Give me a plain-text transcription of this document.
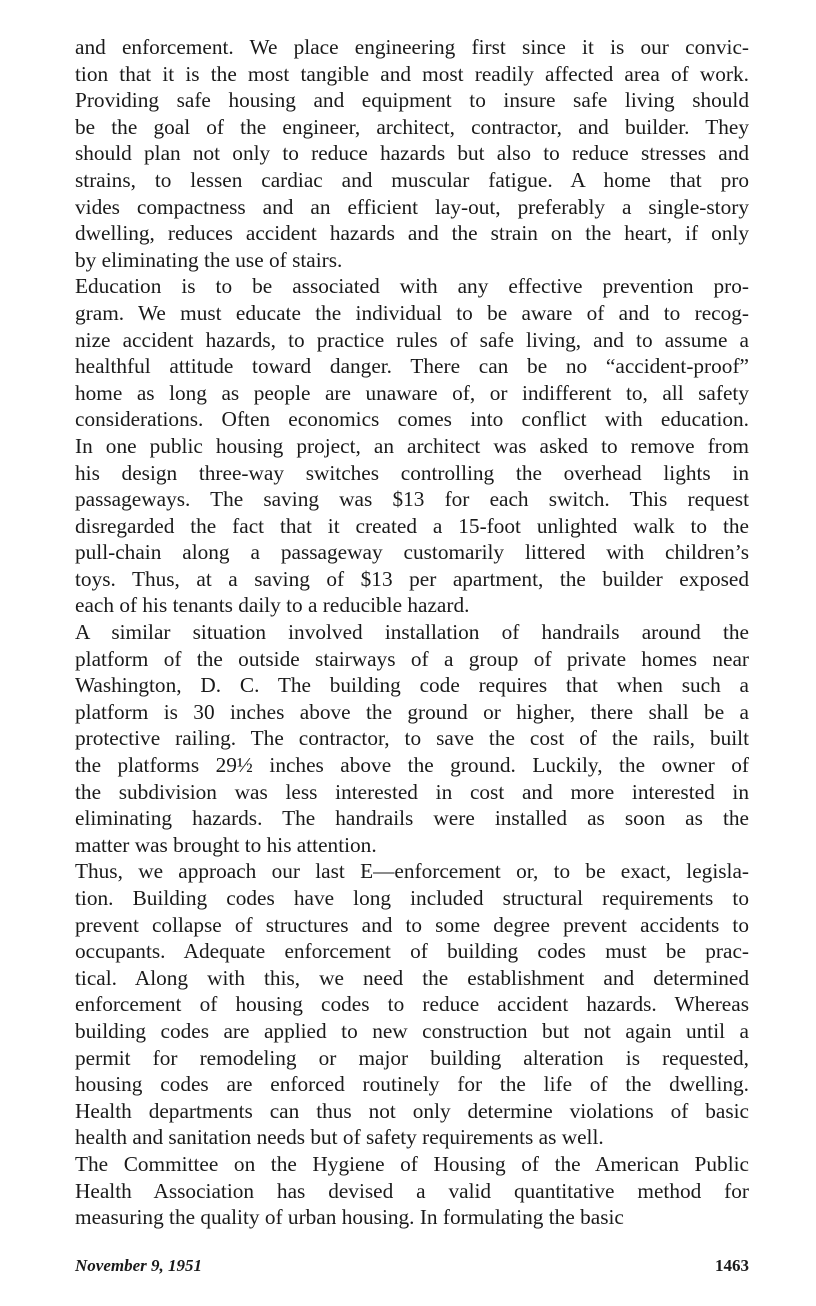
and enforcement. We place engineering first since it is our convic-
tion that it is the most tangible and most readily affected area of work.
Providing safe housing and equipment to insure safe living should
be the goal of the engineer, architect, contractor, and builder. They
should plan not only to reduce hazards but also to reduce stresses and
strains, to lessen cardiac and muscular fatigue. A home that pro
vides compactness and an efficient lay-out, preferably a single-story
dwelling, reduces accident hazards and the strain on the heart, if only
by eliminating the use of stairs.
Education is to be associated with any effective prevention pro-
gram. We must educate the individual to be aware of and to recog-
nize accident hazards, to practice rules of safe living, and to assume a
healthful attitude toward danger. There can be no “accident-proof”
home as long as people are unaware of, or indifferent to, all safety
considerations. Often economics comes into conflict with education.
In one public housing project, an architect was asked to remove from
his design three-way switches controlling the overhead lights in
passageways. The saving was $13 for each switch. This request
disregarded the fact that it created a 15-foot unlighted walk to the
pull-chain along a passageway customarily littered with children’s
toys. Thus, at a saving of $13 per apartment, the builder exposed
each of his tenants daily to a reducible hazard.
A similar situation involved installation of handrails around the
platform of the outside stairways of a group of private homes near
Washington, D. C. The building code requires that when such a
platform is 30 inches above the ground or higher, there shall be a
protective railing. The contractor, to save the cost of the rails, built
the platforms 29½ inches above the ground. Luckily, the owner of
the subdivision was less interested in cost and more interested in
eliminating hazards. The handrails were installed as soon as the
matter was brought to his attention.
Thus, we approach our last E—enforcement or, to be exact, legisla-
tion. Building codes have long included structural requirements to
prevent collapse of structures and to some degree prevent accidents to
occupants. Adequate enforcement of building codes must be prac-
tical. Along with this, we need the establishment and determined
enforcement of housing codes to reduce accident hazards. Whereas
building codes are applied to new construction but not again until a
permit for remodeling or major building alteration is requested,
housing codes are enforced routinely for the life of the dwelling.
Health departments can thus not only determine violations of basic
health and sanitation needs but of safety requirements as well.
The Committee on the Hygiene of Housing of the American Public
Health Association has devised a valid quantitative method for
measuring the quality of urban housing. In formulating the basic
November 9, 1951	1463
